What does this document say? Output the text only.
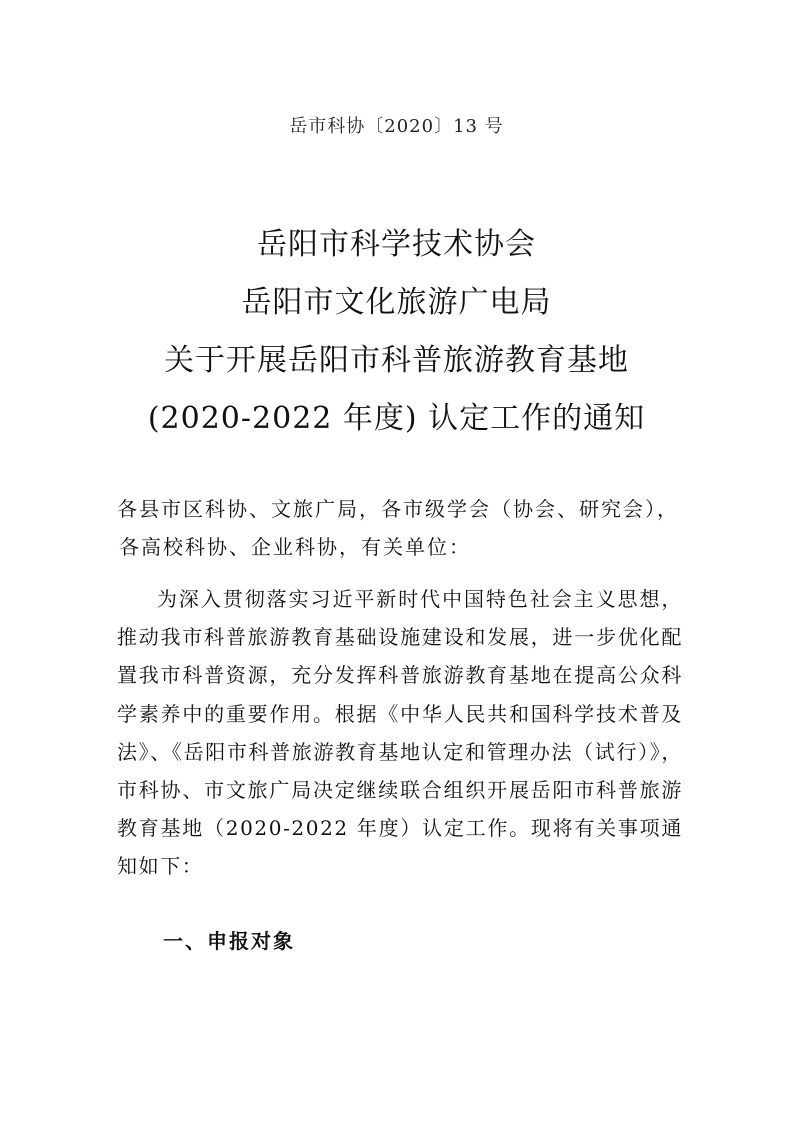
岳市科协〔2020〕13 号
岳阳市科学技术协会
岳阳市文化旅游广电局
关于开展岳阳市科普旅游教育基地
(2020-2022 年度) 认定工作的通知
各县市区科协、文旅广局，各市级学会（协会、研究会），
各高校科协、企业科协，有关单位：
为深入贯彻落实习近平新时代中国特色社会主义思想，推动我市科普旅游教育基础设施建设和发展，进一步优化配置我市科普资源，充分发挥科普旅游教育基地在提高公众科学素养中的重要作用。根据《中华人民共和国科学技术普及法》、《岳阳市科普旅游教育基地认定和管理办法（试行）》，市科协、市文旅广局决定继续联合组织开展岳阳市科普旅游教育基地（2020-2022 年度）认定工作。现将有关事项通知如下：
一、申报对象
